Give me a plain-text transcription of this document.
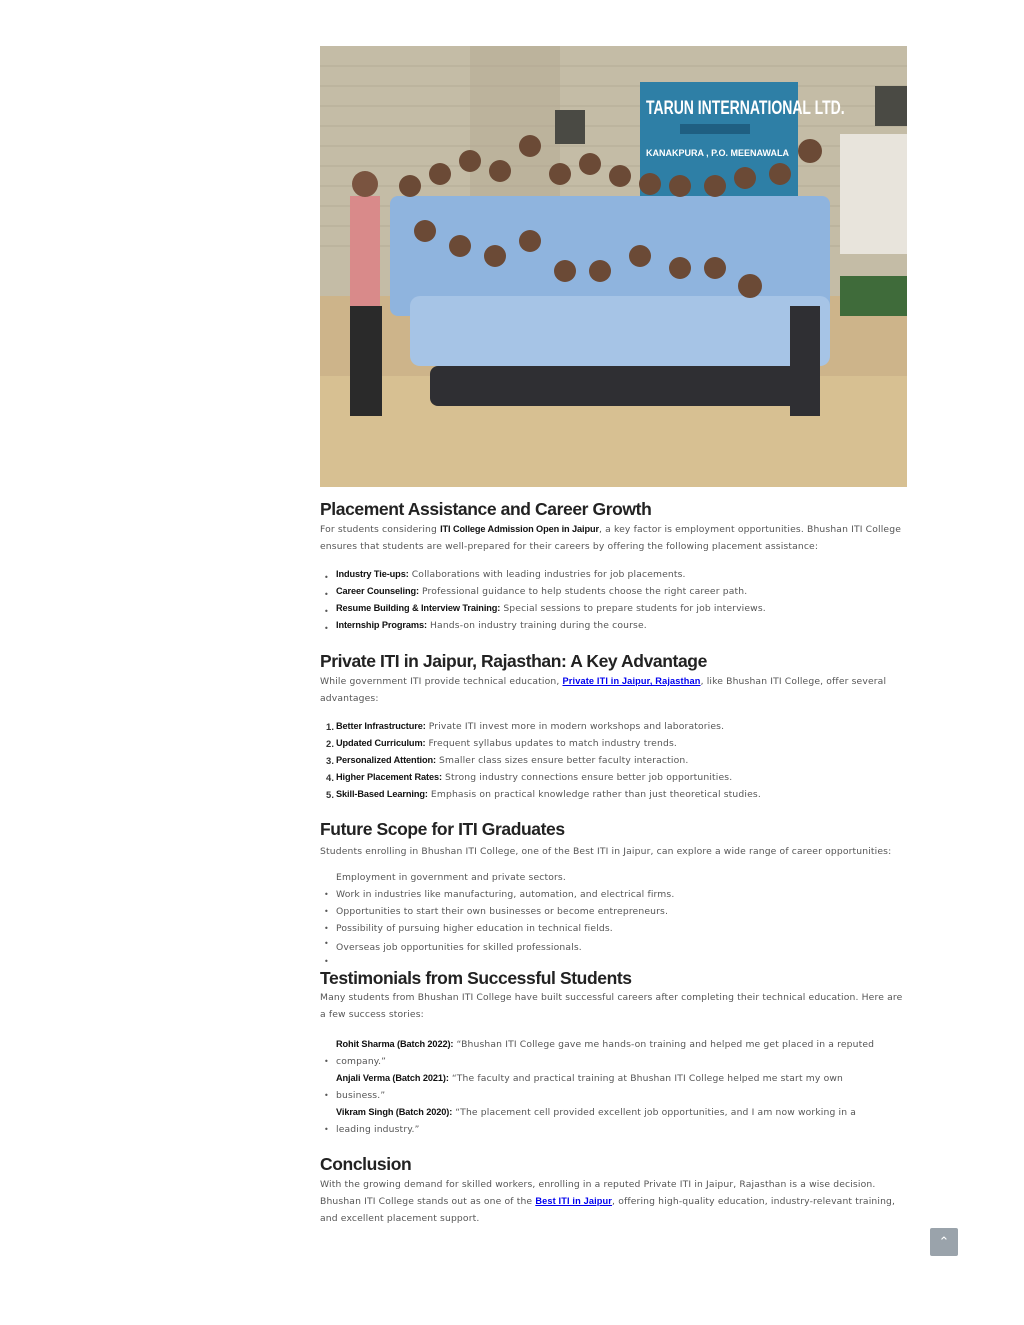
TARUN INTERNATIONAL LTD.
KANAKPURA , P.O. MEENAWALA
Placement Assistance and Career Growth

For students considering ITI College Admission Open in Jaipur, a key factor is employment opportunities. Bhushan ITI College ensures that students are well-prepared for their careers by offering the following placement assistance:

• Industry Tie-ups: Collaborations with leading industries for job placements.
• Career Counseling: Professional guidance to help students choose the right career path.
• Resume Building & Interview Training: Special sessions to prepare students for job interviews.
• Internship Programs: Hands-on industry training during the course.
Private ITI in Jaipur, Rajasthan: A Key Advantage

While government ITI provide technical education, Private ITI in Jaipur, Rajasthan, like Bhushan ITI College, offer several advantages:

1. Better Infrastructure: Private ITI invest more in modern workshops and laboratories.
2. Updated Curriculum: Frequent syllabus updates to match industry trends.
3. Personalized Attention: Smaller class sizes ensure better faculty interaction.
4. Higher Placement Rates: Strong industry connections ensure better job opportunities.
5. Skill-Based Learning: Emphasis on practical knowledge rather than just theoretical studies.
Future Scope for ITI Graduates

Students enrolling in Bhushan ITI College, one of the Best ITI in Jaipur, can explore a wide range of career opportunities:

Employment in government and private sectors.
• Work in industries like manufacturing, automation, and electrical firms.
• Opportunities to start their own businesses or become entrepreneurs.
• Possibility of pursuing higher education in technical fields.
• Overseas job opportunities for skilled professionals.
•
Testimonials from Successful Students

Many students from Bhushan ITI College have built successful careers after completing their technical education. Here are a few success stories:

Rohit Sharma (Batch 2022): “Bhushan ITI College gave me hands-on training and helped me get placed in a reputed
• company.”
Anjali Verma (Batch 2021): “The faculty and practical training at Bhushan ITI College helped me start my own
• business.”
Vikram Singh (Batch 2020): “The placement cell provided excellent job opportunities, and I am now working in a
• leading industry.”
Conclusion

With the growing demand for skilled workers, enrolling in a reputed Private ITI in Jaipur, Rajasthan is a wise decision. Bhushan ITI College stands out as one of the Best ITI in Jaipur, offering high-quality education, industry-relevant training, and excellent placement support.

⌃
